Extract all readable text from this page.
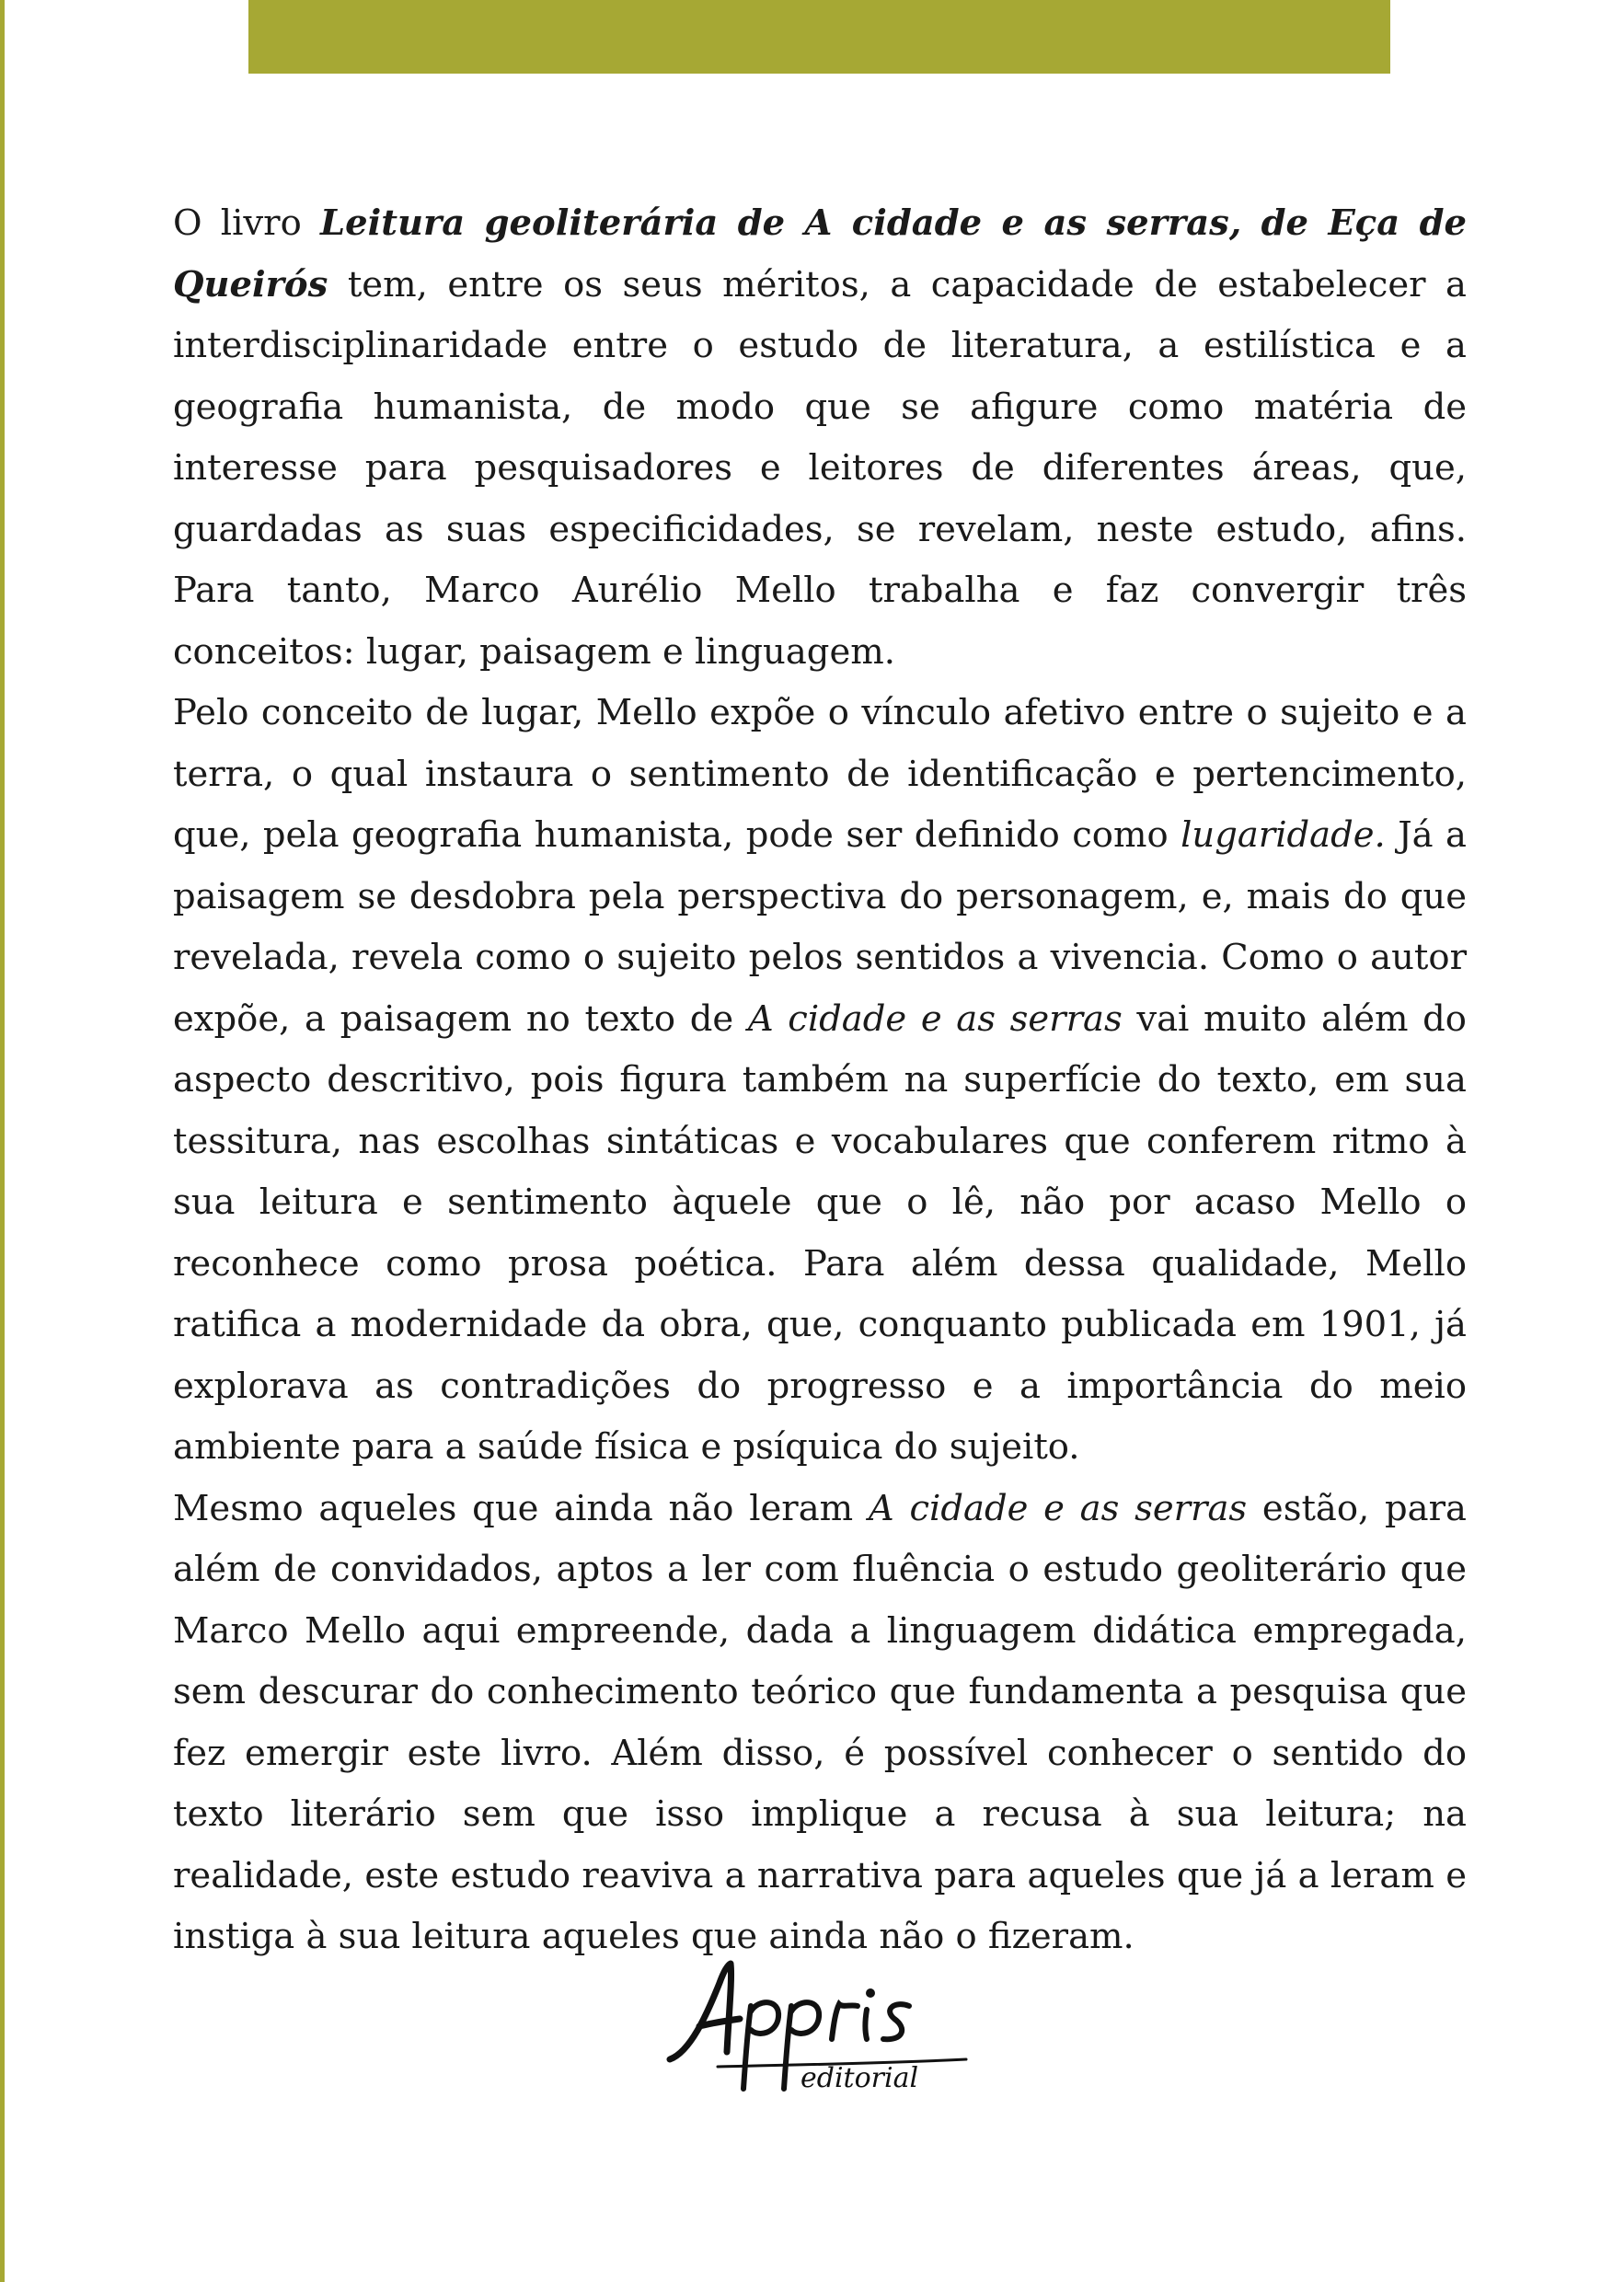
O livro Leitura geoliterária de A cidade e as serras, de Eça de Queirós tem, entre os seus méritos, a capacidade de estabelecer a interdisciplinaridade entre o estudo de literatura, a estilística e a geografia humanista, de modo que se afigure como matéria de interesse para pesquisadores e leitores de diferentes áreas, que, guardadas as suas especificidades, se revelam, neste estudo, afins. Para tanto, Marco Aurélio Mello trabalha e faz convergir três conceitos: lugar, paisagem e linguagem.

Pelo conceito de lugar, Mello expõe o vínculo afetivo entre o sujeito e a terra, o qual instaura o sentimento de identificação e pertencimento, que, pela geografia humanista, pode ser definido como lugaridade. Já a paisagem se desdobra pela perspectiva do personagem, e, mais do que revelada, revela como o sujeito pelos sentidos a vivencia. Como o autor expõe, a paisagem no texto de A cidade e as serras vai muito além do aspecto descritivo, pois figura também na superfície do texto, em sua tessitura, nas escolhas sintáticas e vocabulares que conferem ritmo à sua leitura e sentimento àquele que o lê, não por acaso Mello o reconhece como prosa poética. Para além dessa qualidade, Mello ratifica a modernidade da obra, que, conquanto publicada em 1901, já explorava as contradições do progresso e a importância do meio ambiente para a saúde física e psíquica do sujeito.

Mesmo aqueles que ainda não leram A cidade e as serras estão, para além de convidados, aptos a ler com fluência o estudo geoliterário que Marco Mello aqui empreende, dada a linguagem didática empregada, sem descurar do conhecimento teórico que fundamenta a pesquisa que fez emergir este livro. Além disso, é possível conhecer o sentido do texto literário sem que isso implique a recusa à sua leitura; na realidade, este estudo reaviva a narrativa para aqueles que já a leram e instiga à sua leitura aqueles que ainda não o fizeram.

editorial
